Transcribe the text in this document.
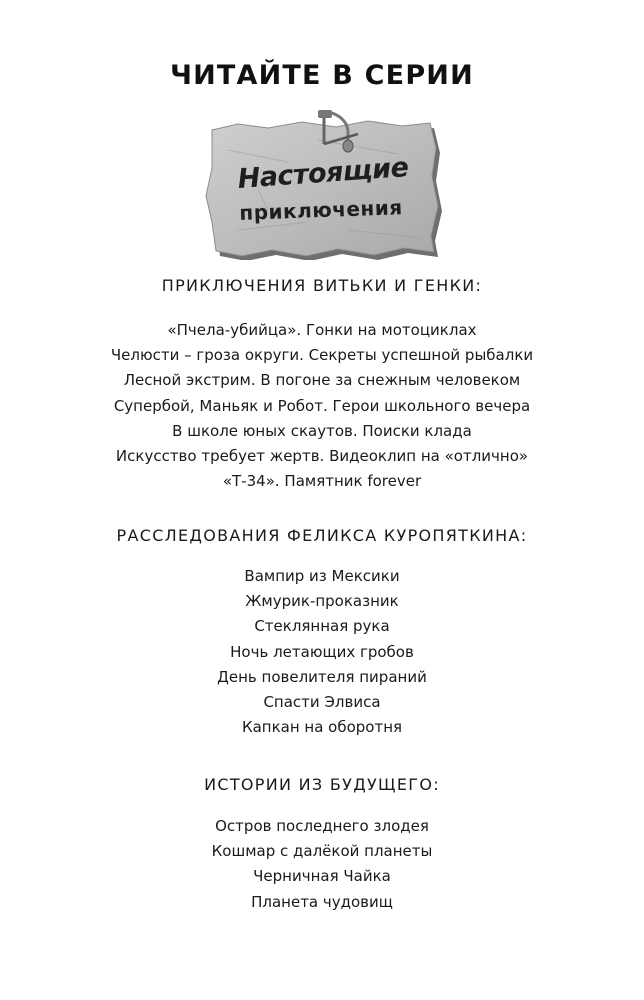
ЧИТАЙТЕ В СЕРИИ
Настоящие
приключения
ПРИКЛЮЧЕНИЯ ВИТЬКИ И ГЕНКИ:
«Пчела-убийца». Гонки на мотоциклах
Челюсти – гроза округи. Секреты успешной рыбалки
Лесной экстрим. В погоне за снежным человеком
Супербой, Маньяк и Робот. Герои школьного вечера
В школе юных скаутов. Поиски клада
Искусство требует жертв. Видеоклип на «отлично»
«Т-34». Памятник forever
РАССЛЕДОВАНИЯ ФЕЛИКСА КУРОПЯТКИНА:
Вампир из Мексики
Жмурик-проказник
Стеклянная рука
Ночь летающих гробов
День повелителя пираний
Спасти Элвиса
Капкан на оборотня
ИСТОРИИ ИЗ БУДУЩЕГО:
Остров последнего злодея
Кошмар с далёкой планеты
Черничная Чайка
Планета чудовищ
